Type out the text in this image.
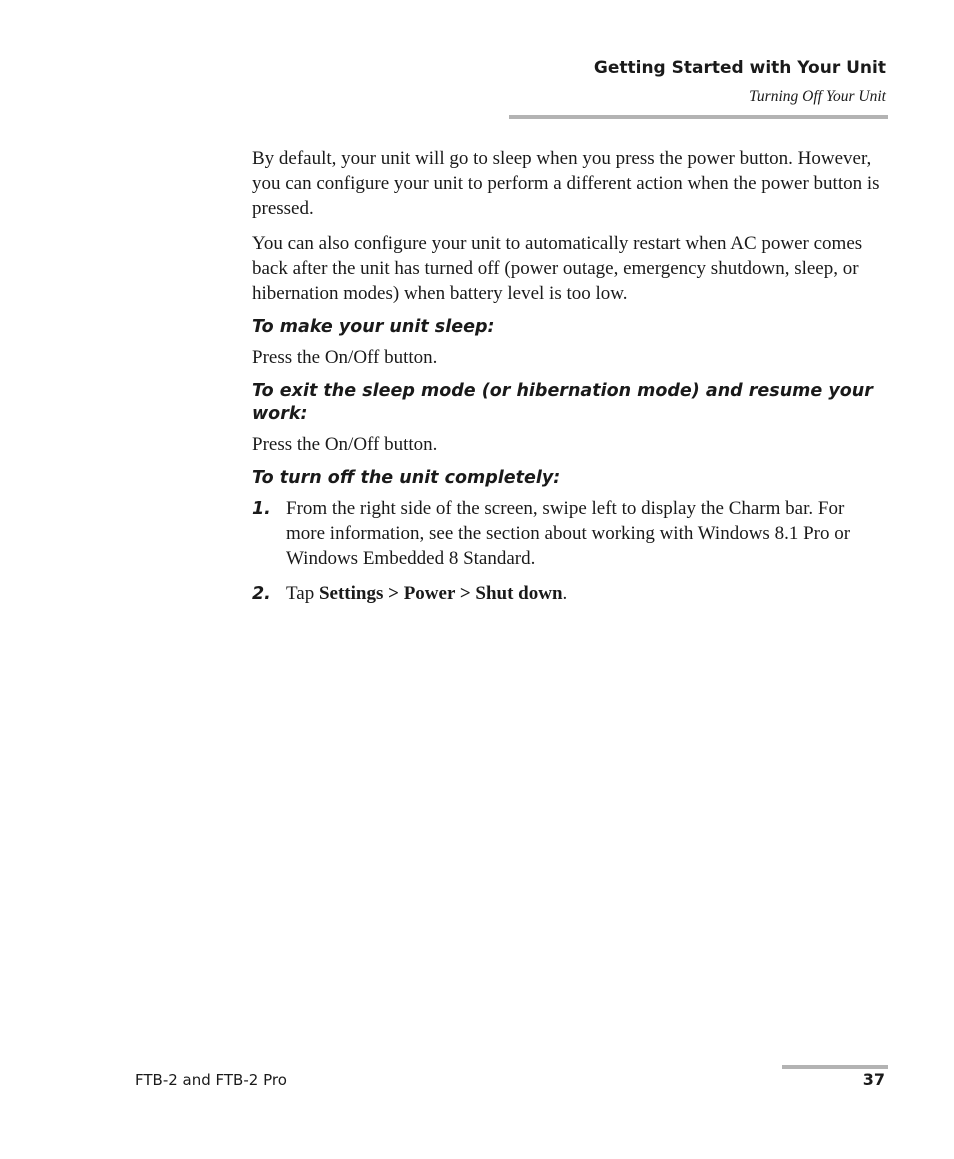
Getting Started with Your Unit
Turning Off Your Unit

By default, your unit will go to sleep when you press the power button. However, you can configure your unit to perform a different action when the power button is pressed.

You can also configure your unit to automatically restart when AC power comes back after the unit has turned off (power outage, emergency shutdown, sleep, or hibernation modes) when battery level is too low.

To make your unit sleep:

Press the On/Off button.

To exit the sleep mode (or hibernation mode) and resume your work:

Press the On/Off button.

To turn off the unit completely:
1. From the right side of the screen, swipe left to display the Charm bar. For more information, see the section about working with Windows 8.1 Pro or Windows Embedded 8 Standard.
2. Tap Settings > Power > Shut down.
FTB-2 and FTB-2 Pro	37
